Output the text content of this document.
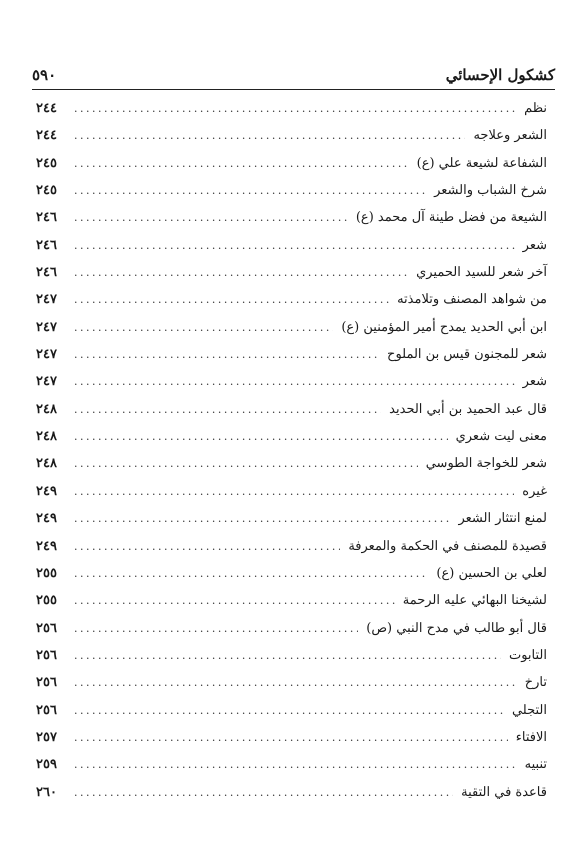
كشكول الإحسائي
٥٩٠
نظم
.....
٢٤٤
الشعر وعلاجه
.....
٢٤٤
الشفاعة لشيعة علي (ع)
.....
٢٤٥
شرخ الشباب والشعر
.....
٢٤٥
الشيعة من فضل طينة آل محمد (ع)
.....
٢٤٦
شعر
.....
٢٤٦
آخر شعر للسيد الحميري
.....
٢٤٦
من شواهد المصنف وتلامذته
.....
٢٤٧
ابن أبي الحديد يمدح أمير المؤمنين (ع)
.....
٢٤٧
شعر للمجنون قيس بن الملوح
.....
٢٤٧
شعر
.....
٢٤٧
قال عبد الحميد بن أبي الحديد
.....
٢٤٨
معنى ليت شعري
.....
٢٤٨
شعر للخواجة الطوسي
.....
٢٤٨
غيره
.....
٢٤٩
لمنع انتثار الشعر
.....
٢٤٩
قصيدة للمصنف في الحكمة والمعرفة
.....
٢٤٩
لعلي بن الحسين (ع)
.....
٢٥٥
لشيخنا البهائي عليه الرحمة
.....
٢٥٥
قال أبو طالب في مدح النبي (ص)
.....
٢٥٦
التابوت
.....
٢٥٦
تارخ
.....
٢٥٦
التجلي
.....
٢٥٦
الافتاء
.....
٢٥٧
تنبيه
.....
٢٥٩
قاعدة في التقية
.....
٢٦٠
